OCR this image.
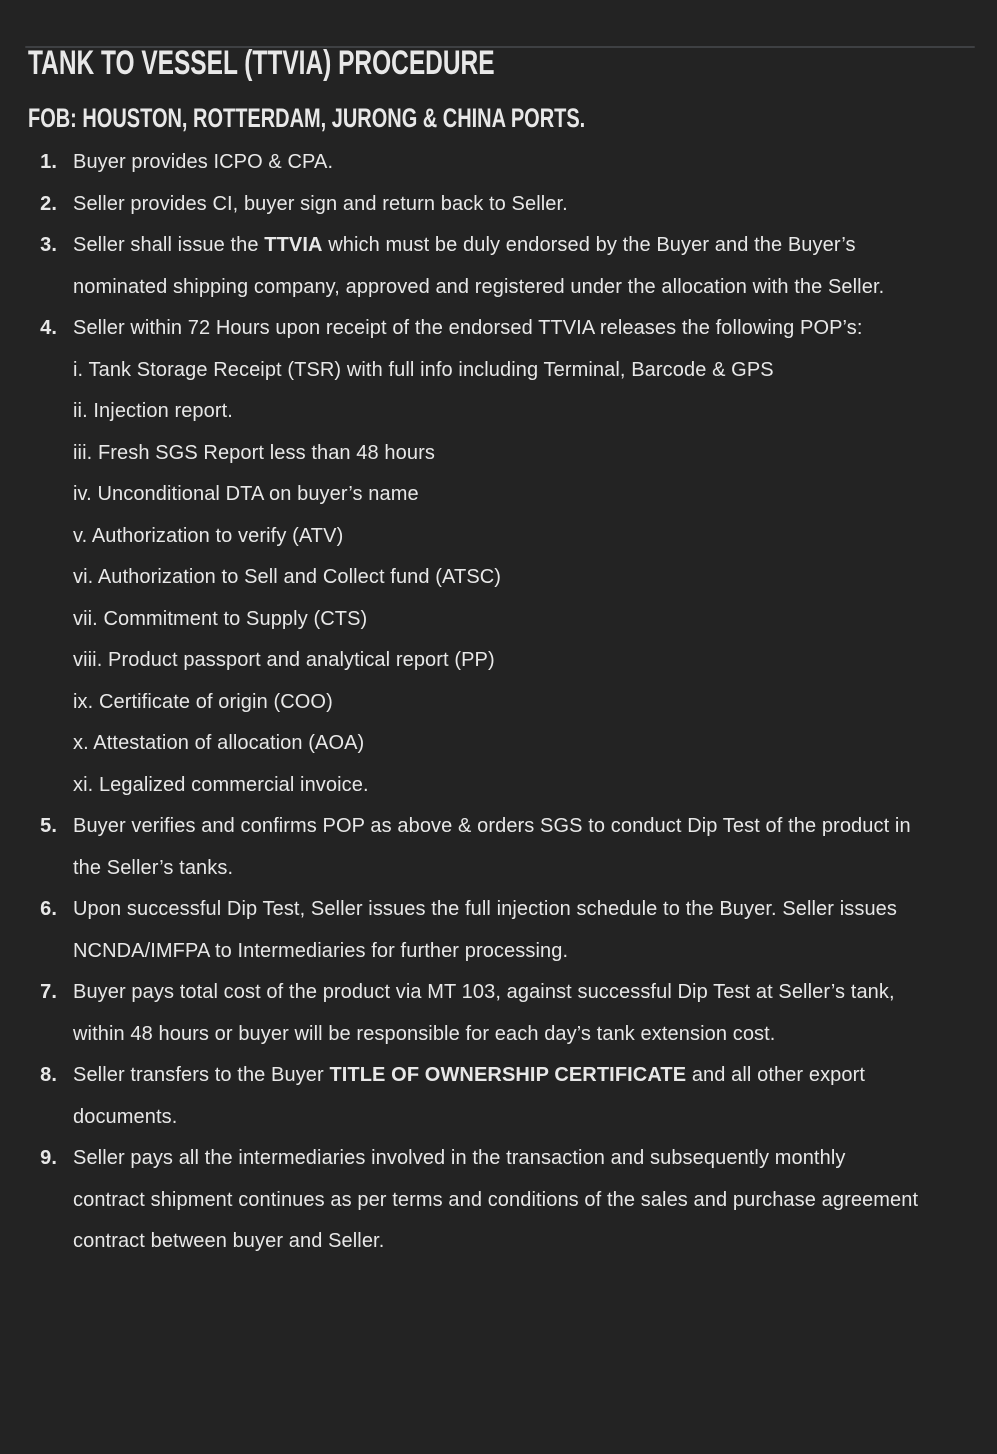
TANK TO VESSEL (TTVIA) PROCEDURE
FOB: HOUSTON, ROTTERDAM, JURONG & CHINA PORTS.
1. Buyer provides ICPO & CPA.
2. Seller provides CI, buyer sign and return back to Seller.
3. Seller shall issue the TTVIA which must be duly endorsed by the Buyer and the Buyer’s nominated shipping company, approved and registered under the allocation with the Seller.
4. Seller within 72 Hours upon receipt of the endorsed TTVIA releases the following POP’s:
i. Tank Storage Receipt (TSR) with full info including Terminal, Barcode & GPS
ii. Injection report.
iii. Fresh SGS Report less than 48 hours
iv. Unconditional DTA on buyer’s name
v. Authorization to verify (ATV)
vi. Authorization to Sell and Collect fund (ATSC)
vii. Commitment to Supply (CTS)
viii. Product passport and analytical report (PP)
ix. Certificate of origin (COO)
x. Attestation of allocation (AOA)
xi. Legalized commercial invoice.
5. Buyer verifies and confirms POP as above & orders SGS to conduct Dip Test of the product in the Seller’s tanks.
6. Upon successful Dip Test, Seller issues the full injection schedule to the Buyer. Seller issues NCNDA/IMFPA to Intermediaries for further processing.
7. Buyer pays total cost of the product via MT 103, against successful Dip Test at Seller’s tank, within 48 hours or buyer will be responsible for each day’s tank extension cost.
8. Seller transfers to the Buyer TITLE OF OWNERSHIP CERTIFICATE and all other export documents.
9. Seller pays all the intermediaries involved in the transaction and subsequently monthly contract shipment continues as per terms and conditions of the sales and purchase agreement contract between buyer and Seller.
